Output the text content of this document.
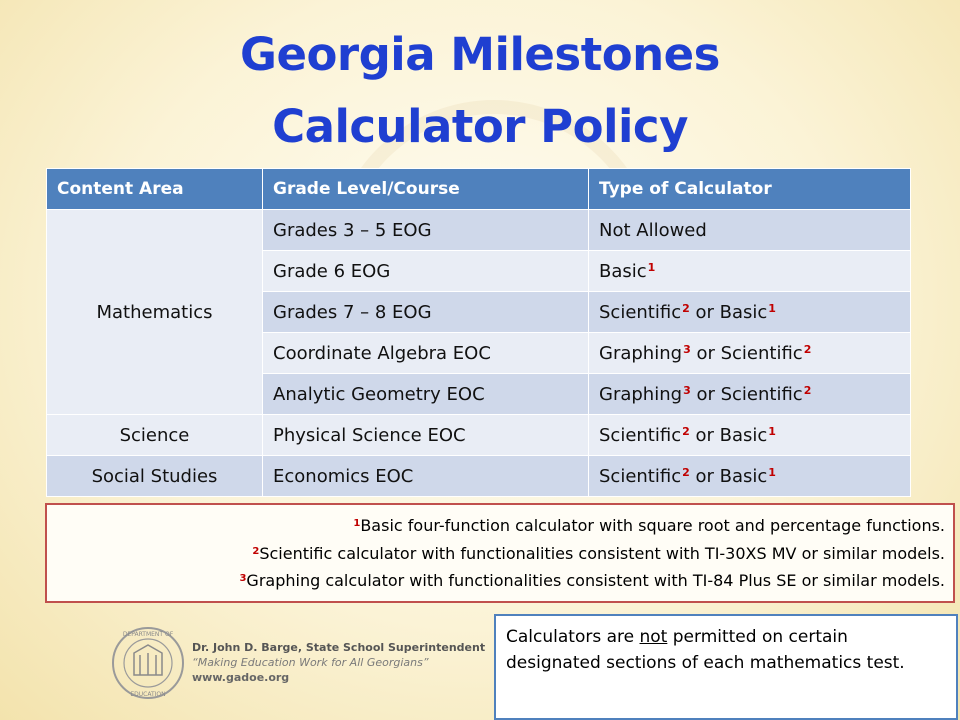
Georgia Milestones
Calculator Policy
Content Area	Grade Level/Course	Type of Calculator
Mathematics	Grades 3 – 5 EOG	Not Allowed
	Grade 6 EOG	Basic$^1$
	Grades 7 – 8 EOG	Scientific$^2$ or Basic$^1$
	Coordinate Algebra EOC	Graphing$^3$ or Scientific$^2$
	Analytic Geometry EOC	Graphing$^3$ or Scientific$^2$
Science	Physical Science EOC	Scientific$^2$ or Basic$^1$
Social Studies	Economics EOC	Scientific$^2$ or Basic$^1$
$^1$Basic four-function calculator with square root and percentage functions.
$^2$Scientific calculator with functionalities consistent with TI-30XS MV or similar models.
$^3$Graphing calculator with functionalities consistent with TI-84 Plus SE or similar models.
DEPARTMENT OF
EDUCATION
Dr. John D. Barge, State School Superintendent
“Making Education Work for All Georgians”
www.gadoe.org
Calculators are not permitted on certain designated sections of each mathematics test.
